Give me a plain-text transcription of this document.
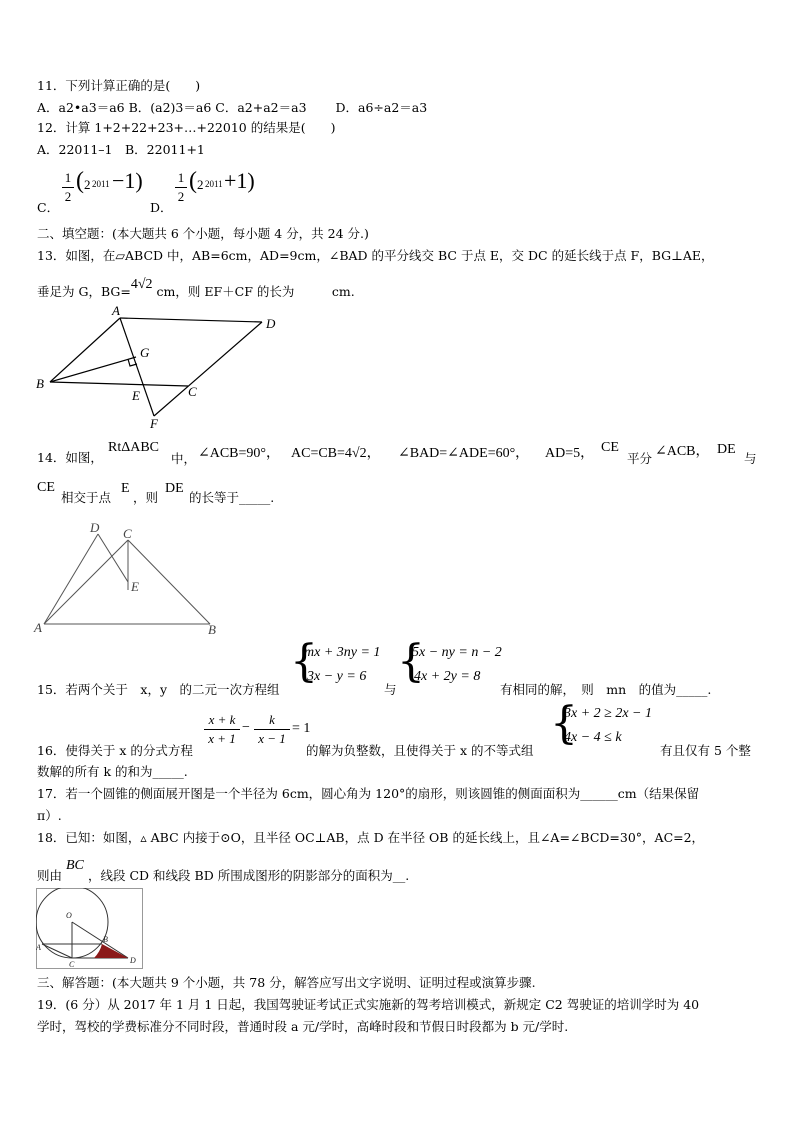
11．下列计算正确的是(　　)
A．a2•a3＝a6 B．(a2)3＝a6 C．a2+a2＝a3 　　D．a6÷a2＝a3
12．计算 1+2+22+23+…+22010 的结果是(　　)
A．22011–1　B．22011+1
C．
1
2
( 2 2011 −1)
D．
1
2
( 2 2011 +1)
二、填空题：(本大题共 6 个小题，每小题 4 分，共 24 分.)
13．如图，在▱ABCD 中，AB=6cm，AD=9cm，∠BAD 的平分线交 BC 于点 E，交 DC 的延长线于点 F，BG⊥AE，
垂足为 G，BG=4√2 cm，则 EF＋CF 的长为　　　cm.
A
D
G
B
C
E
F
14．如图，
RtΔABC
中， ∠ACB=90°， AC=CB=4√2， ∠BAD=∠ADE=60°， AD=5， CE
平分 ∠ACB， DE
与
CE
相交于点
E
，则
DE
的长等于_____.
D C
E
A	B
15．若两个关于　x，y　的二元一次方程组
{
mx + 3ny = 1
3x − y = 6
与
{
5x − ny = n − 2
4x + 2y = 8
有相同的解，　则　mn　的值为_____.
16．使得关于 x 的分式方程
x + k
x + 1
−
k
x − 1
= 1
的解为负整数，且使得关于 x 的不等式组
{
3x + 2 ≥ 2x − 1
4x − 4 ≤ k
有且仅有 5 个整
数解的所有 k 的和为_____.
17．若一个圆锥的侧面展开图是一个半径为 6cm，圆心角为 120°的扇形，则该圆锥的侧面面积为______cm（结果保留
π）.
18．已知：如图，▵ ABC 内接于⊙O，且半径 OC⊥AB，点 D 在半径 OB 的延长线上，且∠A=∠BCD=30°，AC=2，
则由
BC
，线段 CD 和线段 BD 所围成图形的阴影部分的面积为__.
O
A
B
C	D
三、解答题：(本大题共 9 个小题，共 78 分，解答应写出文字说明、证明过程或演算步骤.
19．(6 分）从 2017 年 1 月 1 日起，我国驾驶证考试正式实施新的驾考培训模式，新规定 C2 驾驶证的培训学时为 40
学时，驾校的学费标准分不同时段，普通时段 a 元/学时，高峰时段和节假日时段都为 b 元/学时.
